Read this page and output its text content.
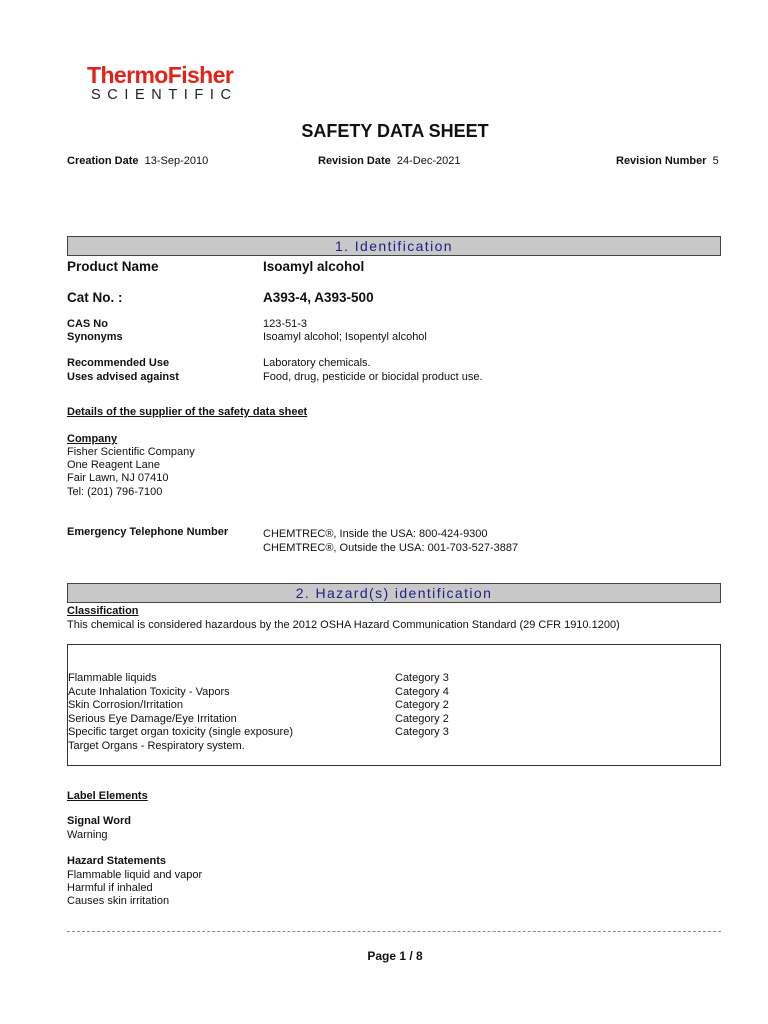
ThermoFisher
SCIENTIFIC
SAFETY DATA SHEET
Creation Date 13-Sep-2010	Revision Date 24-Dec-2021	Revision Number 5
1. Identification
Product Name	Isoamyl alcohol
Cat No. :	A393-4, A393-500
CAS No	123-51-3
Synonyms	Isoamyl alcohol; Isopentyl alcohol
Recommended Use	Laboratory chemicals.
Uses advised against	Food, drug, pesticide or biocidal product use.
Details of the supplier of the safety data sheet
Company
Fisher Scientific Company
One Reagent Lane
Fair Lawn, NJ 07410
Tel: (201) 796-7100
Emergency Telephone Number	CHEMTREC®, Inside the USA: 800-424-9300
CHEMTREC®, Outside the USA: 001-703-527-3887
2. Hazard(s) identification
Classification
This chemical is considered hazardous by the 2012 OSHA Hazard Communication Standard (29 CFR 1910.1200)
Flammable liquids	Category 3
Acute Inhalation Toxicity - Vapors	Category 4
Skin Corrosion/Irritation	Category 2
Serious Eye Damage/Eye Irritation	Category 2
Specific target organ toxicity (single exposure)	Category 3
Target Organs - Respiratory system.
Label Elements
Signal Word
Warning
Hazard Statements
Flammable liquid and vapor
Harmful if inhaled
Causes skin irritation
Page 1 / 8
